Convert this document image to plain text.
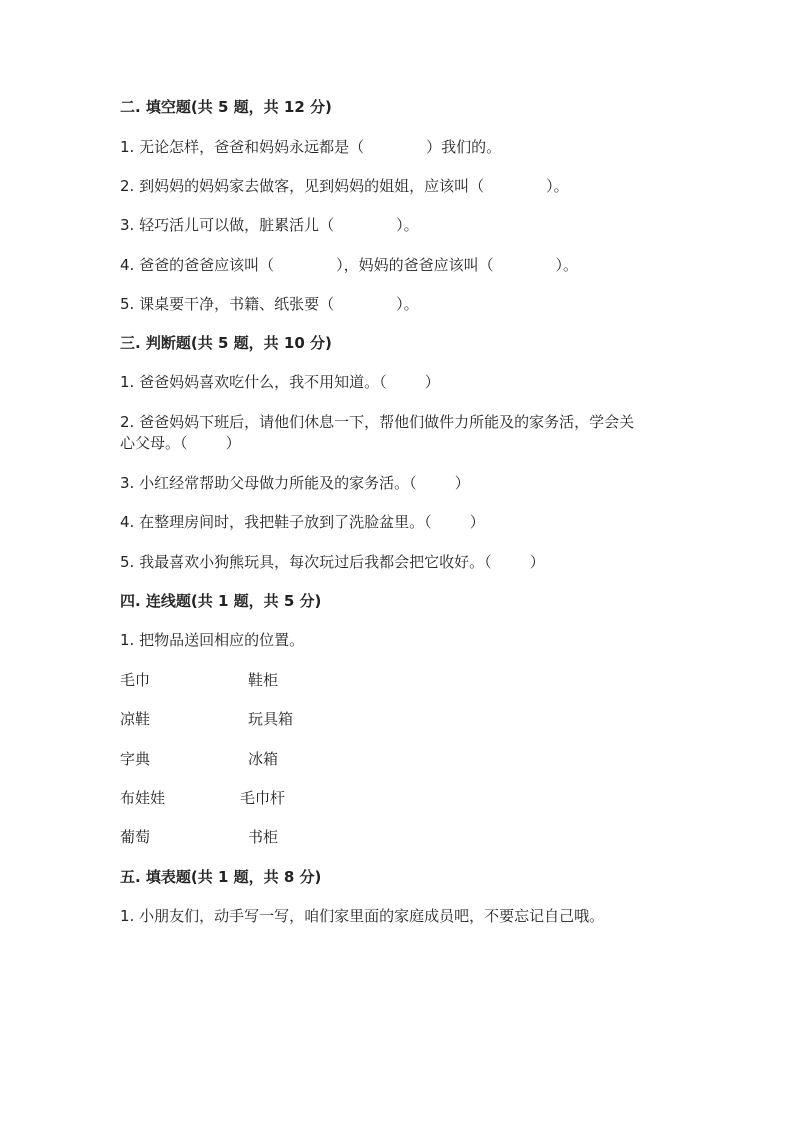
二. 填空题(共 5 题，共 12 分)
1. 无论怎样，爸爸和妈妈永远都是（             ）我们的。
2. 到妈妈的妈妈家去做客，见到妈妈的姐姐，应该叫（             ）。
3. 轻巧活儿可以做，脏累活儿（             ）。
4. 爸爸的爸爸应该叫（             ），妈妈的爸爸应该叫（             ）。
5. 课桌要干净，书籍、纸张要（             ）。
三. 判断题(共 5 题，共 10 分)
1. 爸爸妈妈喜欢吃什么，我不用知道。（        ）
2. 爸爸妈妈下班后，请他们休息一下，帮他们做件力所能及的家务活，学会关
心父母。（        ）
3. 小红经常帮助父母做力所能及的家务活。（        ）
4. 在整理房间时，我把鞋子放到了洗脸盆里。（        ）
5. 我最喜欢小狗熊玩具，每次玩过后我都会把它收好。（        ）
四. 连线题(共 1 题，共 5 分)
1. 把物品送回相应的位置。
毛巾	鞋柜
凉鞋	玩具箱
字典	冰箱
布娃娃	毛巾杆
葡萄	书柜
五. 填表题(共 1 题，共 8 分)
1. 小朋友们，动手写一写，咱们家里面的家庭成员吧，不要忘记自己哦。
